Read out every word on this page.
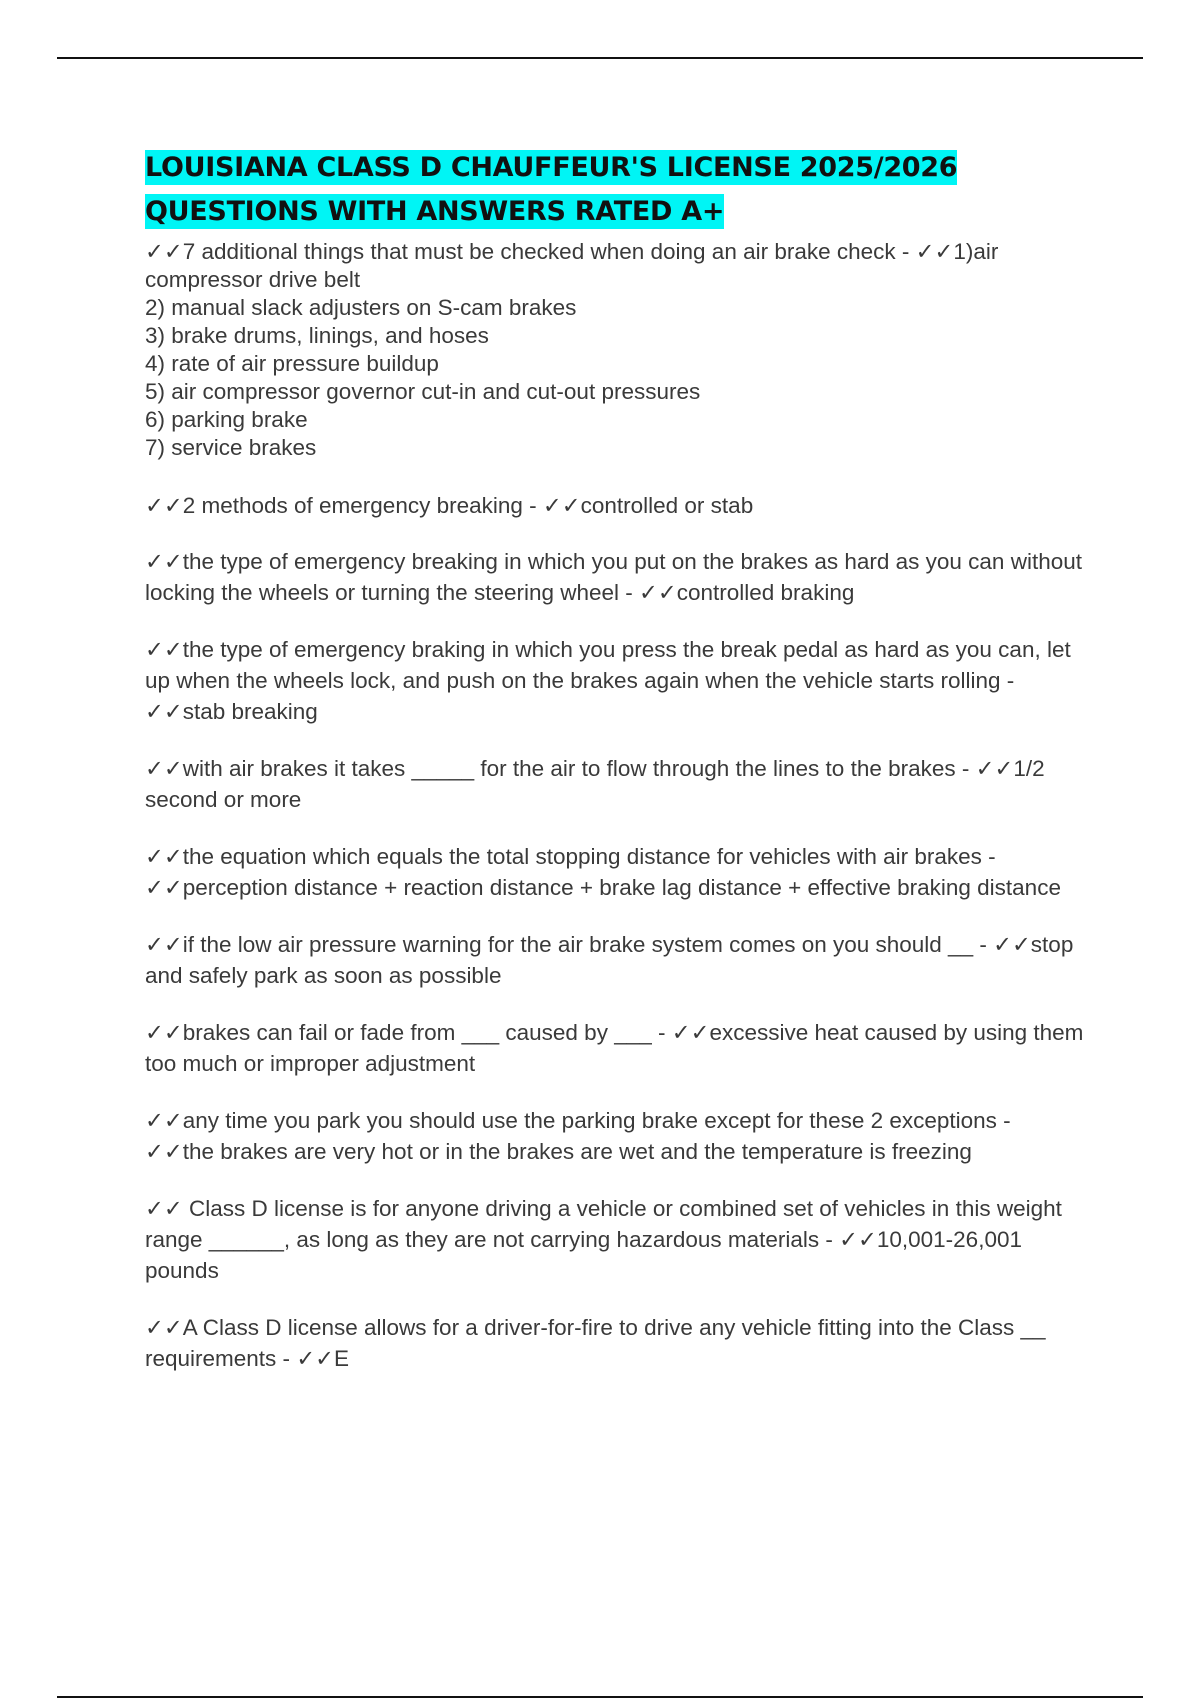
LOUISIANA CLASS D CHAUFFEUR'S LICENSE 2025/2026
QUESTIONS WITH ANSWERS RATED A+

✓✓7 additional things that must be checked when doing an air brake check - ✓✓1)air compressor drive belt
2) manual slack adjusters on S-cam brakes
3) brake drums, linings, and hoses
4) rate of air pressure buildup
5) air compressor governor cut-in and cut-out pressures
6) parking brake
7) service brakes

✓✓2 methods of emergency breaking - ✓✓controlled or stab

✓✓the type of emergency breaking in which you put on the brakes as hard as you can without locking the wheels or turning the steering wheel - ✓✓controlled braking

✓✓the type of emergency braking in which you press the break pedal as hard as you can, let up when the wheels lock, and push on the brakes again when the vehicle starts rolling - ✓✓stab breaking

✓✓with air brakes it takes _____ for the air to flow through the lines to the brakes - ✓✓1/2 second or more

✓✓the equation which equals the total stopping distance for vehicles with air brakes - ✓✓perception distance + reaction distance + brake lag distance + effective braking distance

✓✓if the low air pressure warning for the air brake system comes on you should __ - ✓✓stop and safely park as soon as possible

✓✓brakes can fail or fade from ___ caused by ___ - ✓✓excessive heat caused by using them too much or improper adjustment

✓✓any time you park you should use the parking brake except for these 2 exceptions - ✓✓the brakes are very hot or in the brakes are wet and the temperature is freezing

✓✓ Class D license is for anyone driving a vehicle or combined set of vehicles in this weight range ______, as long as they are not carrying hazardous materials - ✓✓10,001-26,001 pounds

✓✓A Class D license allows for a driver-for-fire to drive any vehicle fitting into the Class __ requirements - ✓✓E
